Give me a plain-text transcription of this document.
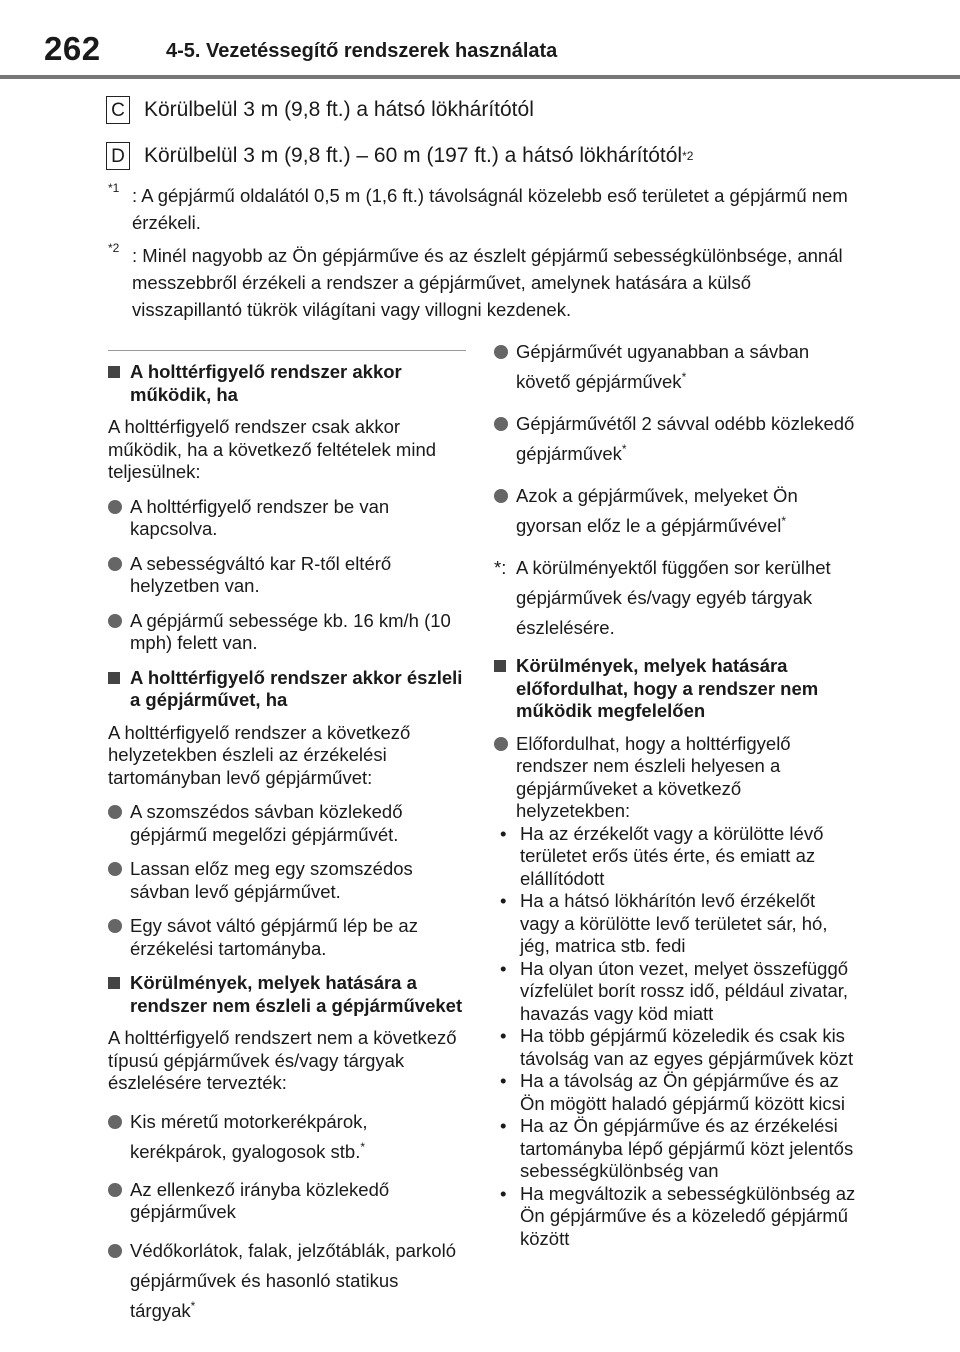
262	4-5. Vezetéssegítő rendszerek használata
C Körülbelül 3 m (9,8 ft.) a hátsó lökhárítótól
D Körülbelül 3 m (9,8 ft.) – 60 m (197 ft.) a hátsó lökhárítótól *2
*1 : A gépjármű oldalától 0,5 m (1,6 ft.) távolságnál közelebb eső területet a gépjármű nem érzékeli.
*2 : Minél nagyobb az Ön gépjárműve és az észlelt gépjármű sebességkülönbsége, annál messzebbről érzékeli a rendszer a gépjárművet, amelynek hatására a külső visszapillantó tükrök világítani vagy villogni kezdenek.
A holttérfigyelő rendszer akkor működik, ha
A holttérfigyelő rendszer csak akkor működik, ha a következő feltételek mind teljesülnek:
A holttérfigyelő rendszer be van kapcsolva.
A sebességváltó kar R-től eltérő helyzetben van.
A gépjármű sebessége kb. 16 km/h (10 mph) felett van.
A holttérfigyelő rendszer akkor észleli a gépjárművet, ha
A holttérfigyelő rendszer a következő helyzetekben észleli az érzékelési tartományban levő gépjárművet:
A szomszédos sávban közlekedő gépjármű megelőzi gépjárművét.
Lassan előz meg egy szomszédos sávban levő gépjárművet.
Egy sávot váltó gépjármű lép be az érzékelési tartományba.
Körülmények, melyek hatására a rendszer nem észleli a gépjárműveket
A holttérfigyelő rendszert nem a következő típusú gépjárművek és/vagy tárgyak észlelésére tervezték:
Kis méretű motorkerékpárok, kerékpárok, gyalogosok stb.*
Az ellenkező irányba közlekedő gépjárművek
Védőkorlátok, falak, jelzőtáblák, parkoló gépjárművek és hasonló statikus tárgyak*
Gépjárművét ugyanabban a sávban követő gépjárművek*
Gépjárművétől 2 sávval odébb közlekedő gépjárművek*
Azok a gépjárművek, melyeket Ön gyorsan előz le a gépjárművével*
*: A körülményektől függően sor kerülhet gépjárművek és/vagy egyéb tárgyak észlelésére.
Körülmények, melyek hatására előfordulhat, hogy a rendszer nem működik megfelelően
Előfordulhat, hogy a holttérfigyelő rendszer nem észleli helyesen a gépjárműveket a következő helyzetekben:
• Ha az érzékelőt vagy a körülötte lévő területet erős ütés érte, és emiatt az elállítódott
• Ha a hátsó lökhárítón levő érzékelőt vagy a körülötte levő területet sár, hó, jég, matrica stb. fedi
• Ha olyan úton vezet, melyet összefüggő vízfelület borít rossz idő, például zivatar, havazás vagy köd miatt
• Ha több gépjármű közeledik és csak kis távolság van az egyes gépjárművek közt
• Ha a távolság az Ön gépjárműve és az Ön mögött haladó gépjármű között kicsi
• Ha az Ön gépjárműve és az érzékelési tartományba lépő gépjármű közt jelentős sebességkülönbség van
• Ha megváltozik a sebességkülönbség az Ön gépjárműve és a közeledő gépjármű között
